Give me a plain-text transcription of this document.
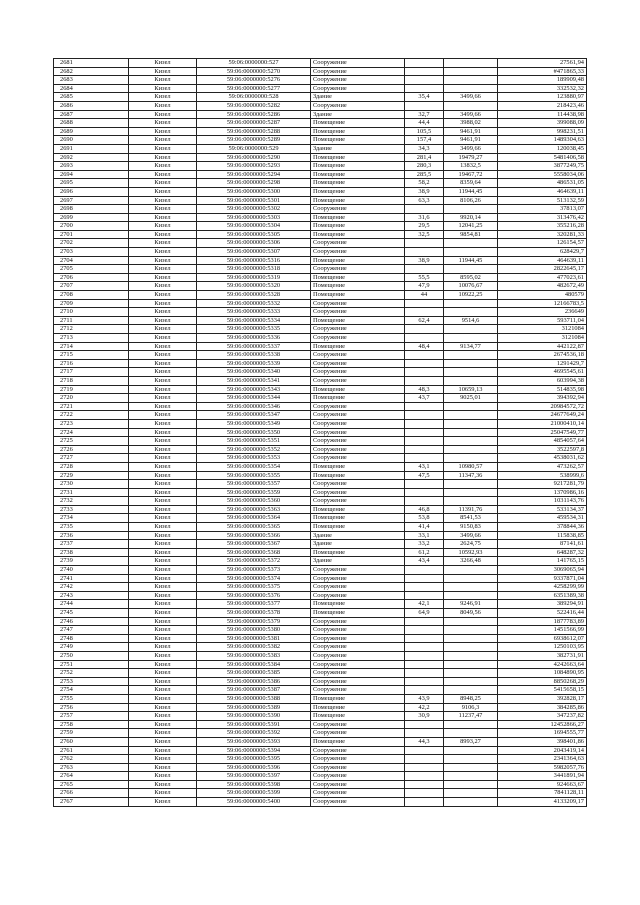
2681	Кизел	59:06:0000000:527	Сооружение			27561,94
2682	Кизел	59:06:0000000:5270	Сооружение			#471865,33
2683	Кизел	59:06:0000000:5276	Сооружение			189909,48
2684	Кизел	59:06:0000000:5277	Сооружение			332532,32
2685	Кизел	59:06:0000000:528	Здание	35,4	3499,66	123880,97
2686	Кизел	59:06:0000000:5282	Сооружение			218423,46
2687	Кизел	59:06:0000000:5286	Здание	32,7	3499,66	114438,98
2688	Кизел	59:06:0000000:5287	Помещение	44,4	3988,02	399088,09
2689	Кизел	59:06:0000000:5288	Помещение	105,5	9461,91	998231,51
2690	Кизел	59:06:0000000:5289	Помещение	157,4	9461,91	1489304,63
2691	Кизел	59:06:0000000:529	Здание	34,3	3499,66	120038,45
2692	Кизел	59:06:0000000:5290	Помещение	281,4	19479,27	5481406,58
2693	Кизел	59:06:0000000:5293	Помещение	280,3	13832,5	3877249,75
2694	Кизел	59:06:0000000:5294	Помещение	285,5	19467,72	5558034,06
2695	Кизел	59:06:0000000:5298	Помещение	58,2	8359,64	486531,05
2696	Кизел	59:06:0000000:5300	Помещение	38,9	11944,45	464639,11
2697	Кизел	59:06:0000000:5301	Помещение	63,3	8106,26	513132,59
2698	Кизел	59:06:0000000:5302	Сооружение			37813,07
2699	Кизел	59:06:0000000:5303	Помещение	31,6	9920,14	313476,42
2700	Кизел	59:06:0000000:5304	Помещение	29,5	12041,25	355216,28
2701	Кизел	59:06:0000000:5305	Помещение	32,5	9854,81	320281,33
2702	Кизел	59:06:0000000:5306	Сооружение			126154,57
2703	Кизел	59:06:0000000:5307	Сооружение			628429,7
2704	Кизел	59:06:0000000:5316	Помещение	38,9	11944,45	464639,11
2705	Кизел	59:06:0000000:5318	Сооружение			2822645,17
2706	Кизел	59:06:0000000:5319	Помещение	55,5	8595,02	477023,61
2707	Кизел	59:06:0000000:5320	Помещение	47,9	10076,67	482672,49
2708	Кизел	59:06:0000000:5328	Помещение	44	10922,25	480579
2709	Кизел	59:06:0000000:5332	Сооружение			12166783,5
2710	Кизел	59:06:0000000:5333	Сооружение			236649
2711	Кизел	59:06:0000000:5334	Помещение	62,4	9514,6	593711,04
2712	Кизел	59:06:0000000:5335	Сооружение			3121084
2713	Кизел	59:06:0000000:5336	Сооружение			3121084
2714	Кизел	59:06:0000000:5337	Помещение	48,4	9134,77	442122,87
2715	Кизел	59:06:0000000:5338	Сооружение			2674536,18
2716	Кизел	59:06:0000000:5339	Сооружение			1291429,7
2717	Кизел	59:06:0000000:5340	Сооружение			4695545,61
2718	Кизел	59:06:0000000:5341	Сооружение			603994,38
2719	Кизел	59:06:0000000:5343	Помещение	48,3	10659,13	514835,98
2720	Кизел	59:06:0000000:5344	Помещение	43,7	9025,01	394392,94
2721	Кизел	59:06:0000000:5346	Сооружение			20984572,72
2722	Кизел	59:06:0000000:5347	Сооружение			24677649,24
2723	Кизел	59:06:0000000:5349	Сооружение			21000410,14
2724	Кизел	59:06:0000000:5350	Сооружение			25047549,77
2725	Кизел	59:06:0000000:5351	Сооружение			4854057,64
2726	Кизел	59:06:0000000:5352	Сооружение			3522597,8
2727	Кизел	59:06:0000000:5353	Сооружение			4538031,62
2728	Кизел	59:06:0000000:5354	Помещение	43,1	10980,57	473262,57
2729	Кизел	59:06:0000000:5355	Помещение	47,5	11347,36	538999,6
2730	Кизел	59:06:0000000:5357	Сооружение			9217281,79
2731	Кизел	59:06:0000000:5359	Сооружение			1370986,16
2732	Кизел	59:06:0000000:5360	Сооружение			1031143,76
2733	Кизел	59:06:0000000:5363	Помещение	46,8	11391,76	533134,37
2734	Кизел	59:06:0000000:5364	Помещение	53,8	8541,53	459534,31
2735	Кизел	59:06:0000000:5365	Помещение	41,4	9150,83	378844,36
2736	Кизел	59:06:0000000:5366	Здание	33,1	3499,66	115838,85
2737	Кизел	59:06:0000000:5367	Здание	33,2	2624,75	87141,61
2738	Кизел	59:06:0000000:5368	Помещение	61,2	10592,93	648287,32
2739	Кизел	59:06:0000000:5372	Здание	43,4	3266,48	141765,15
2740	Кизел	59:06:0000000:5373	Сооружение			3069065,94
2741	Кизел	59:06:0000000:5374	Сооружение			9337871,04
2742	Кизел	59:06:0000000:5375	Сооружение			4258299,99
2743	Кизел	59:06:0000000:5376	Сооружение			6351389,38
2744	Кизел	59:06:0000000:5377	Помещение	42,1	9246,91	389294,91
2745	Кизел	59:06:0000000:5378	Помещение	64,9	8049,56	522416,44
2746	Кизел	59:06:0000000:5379	Сооружение			1877783,89
2747	Кизел	59:06:0000000:5380	Сооружение			1451566,99
2748	Кизел	59:06:0000000:5381	Сооружение			6938612,07
2749	Кизел	59:06:0000000:5382	Сооружение			1250103,95
2750	Кизел	59:06:0000000:5383	Сооружение			382731,91
2751	Кизел	59:06:0000000:5384	Сооружение			4242663,64
2752	Кизел	59:06:0000000:5385	Сооружение			1084890,95
2753	Кизел	59:06:0000000:5386	Сооружение			8850268,29
2754	Кизел	59:06:0000000:5387	Сооружение			5415658,15
2755	Кизел	59:06:0000000:5388	Помещение	43,9	8948,25	392828,17
2756	Кизел	59:06:0000000:5389	Помещение	42,2	9106,3	384285,86
2757	Кизел	59:06:0000000:5390	Помещение	30,9	11237,47	347237,82
2758	Кизел	59:06:0000000:5391	Сооружение			12452866,27
2759	Кизел	59:06:0000000:5392	Сооружение			1694555,77
2760	Кизел	59:06:0000000:5393	Помещение	44,3	8993,27	398401,86
2761	Кизел	59:06:0000000:5394	Сооружение			2043419,14
2762	Кизел	59:06:0000000:5395	Сооружение			2341364,63
2763	Кизел	59:06:0000000:5396	Сооружение			5982057,76
2764	Кизел	59:06:0000000:5397	Сооружение			3441891,94
2765	Кизел	59:06:0000000:5398	Сооружение			924663,67
2766	Кизел	59:06:0000000:5399	Сооружение			7841128,11
2767	Кизел	59:06:0000000:5400	Сооружение			4133209,17
